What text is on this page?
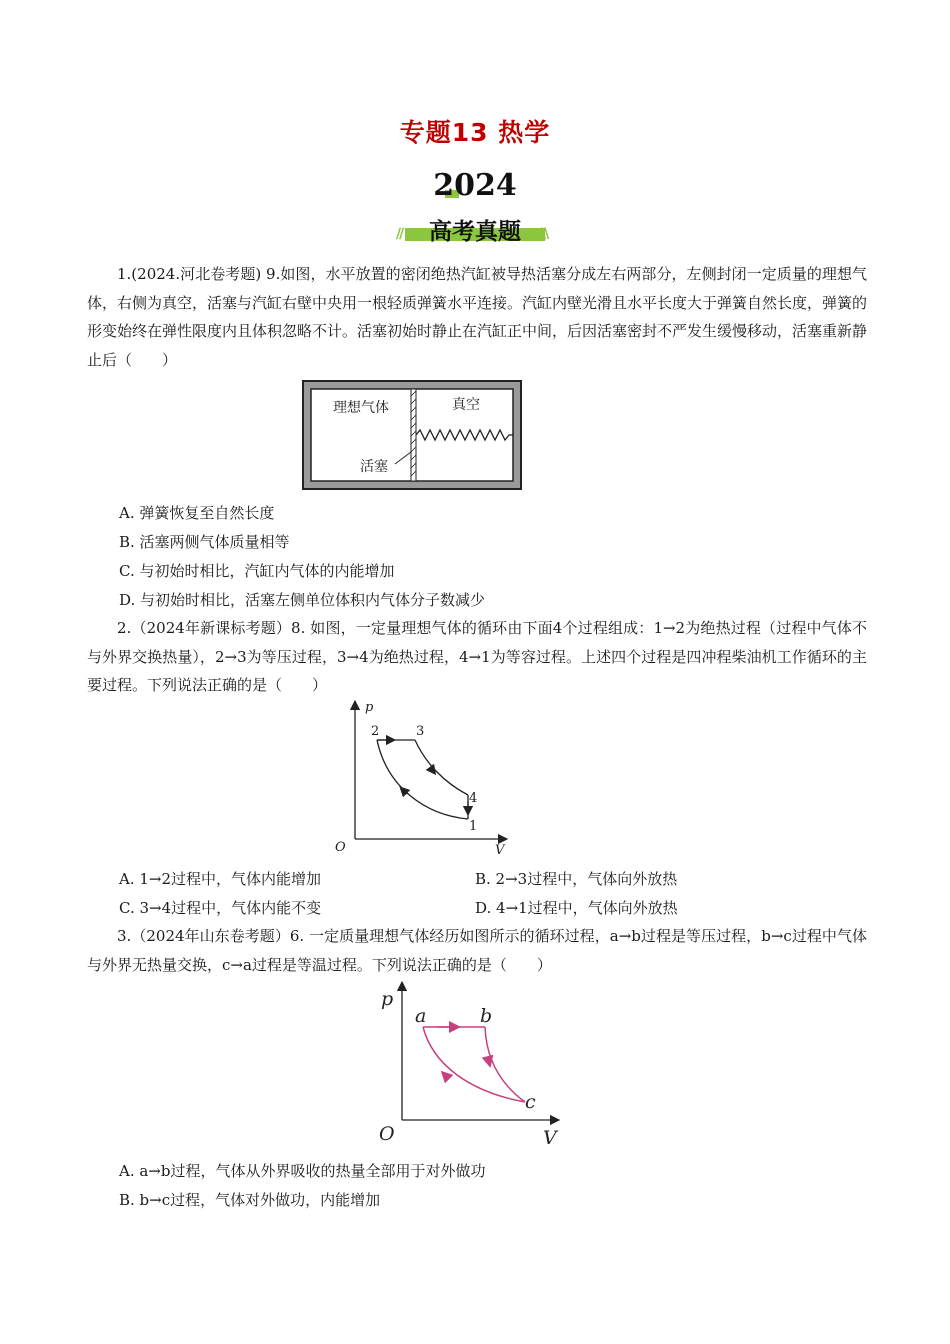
专题13 热学
2024
//	\\
高考真题
1.(2024.河北卷考题) 9.如图，水平放置的密闭绝热汽缸被导热活塞分成左右两部分，左侧封闭一定质量的理想气体，右侧为真空，活塞与汽缸右壁中央用一根轻质弹簧水平连接。汽缸内壁光滑且水平长度大于弹簧自然长度，弹簧的形变始终在弹性限度内且体积忽略不计。活塞初始时静止在汽缸正中间，后因活塞密封不严发生缓慢移动，活塞重新静止后（　　）
理想气体	真空
活塞
A. 弹簧恢复至自然长度
B. 活塞两侧气体质量相等
C. 与初始时相比，汽缸内气体的内能增加
D. 与初始时相比，活塞左侧单位体积内气体分子数减少
2.（2024年新课标考题）8. 如图，一定量理想气体的循环由下面4个过程组成：1→2为绝热过程（过程中气体不与外界交换热量），2→3为等压过程，3→4为绝热过程，4→1为等容过程。上述四个过程是四冲程柴油机工作循环的主要过程。下列说法正确的是（　　）
p
V
O
1
2	3
4
A. 1→2过程中，气体内能增加	B. 2→3过程中，气体向外放热
C. 3→4过程中，气体内能不变	D. 4→1过程中，气体向外放热
3.（2024年山东卷考题）6. 一定质量理想气体经历如图所示的循环过程，a→b过程是等压过程，b→c过程中气体与外界无热量交换，c→a过程是等温过程。下列说法正确的是（　　）
p
V
O
a	b
c
A. a→b过程，气体从外界吸收的热量全部用于对外做功
B. b→c过程，气体对外做功，内能增加
